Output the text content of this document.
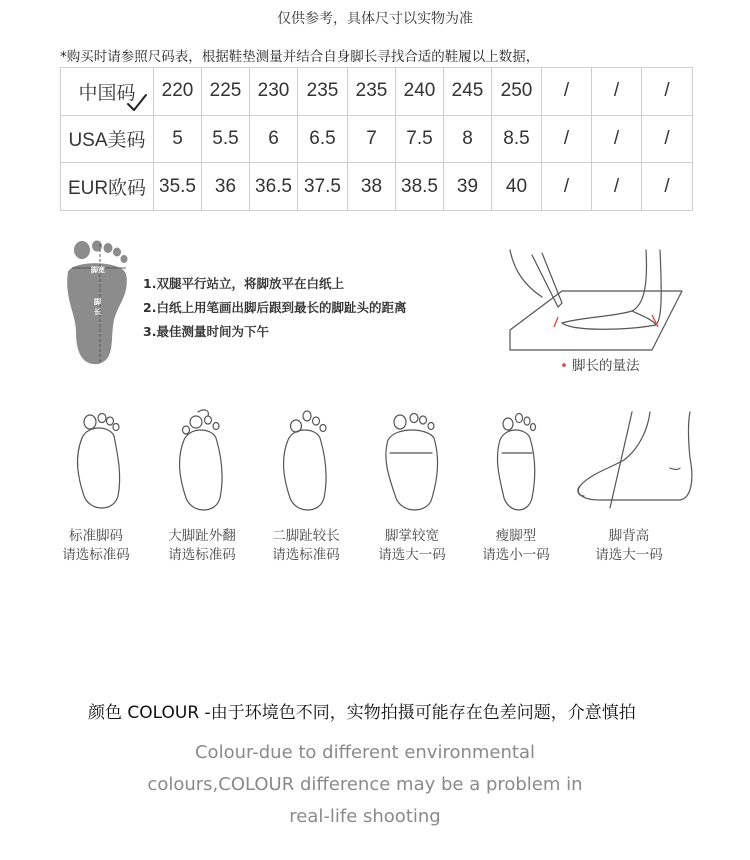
仅供参考，具体尺寸以实物为准
*购买时请参照尺码表，根据鞋垫测量并结合自身脚长寻找合适的鞋履以上数据，
中国码	220	225	230	235	235	240	245	250	/	/	/
USA美码	5	5.5	6	6.5	7	7.5	8	8.5	/	/	/
EUR欧码	35.5	36	36.5	37.5	38	38.5	39	40	/	/	/
脚宽
脚
长
1.双腿平行站立，将脚放平在白纸上
2.白纸上用笔画出脚后跟到最长的脚趾头的距离
3.最佳测量时间为下午
• 脚长的量法
标准脚码
请选标准码
大脚趾外翻
请选标准码
二脚趾较长
请选标准码
脚掌较宽
请选大一码
瘦脚型
请选小一码
脚背高
请选大一码
颜色 COLOUR -由于环境色不同，实物拍摄可能存在色差问题，介意慎拍
Colour-due to different environmental
colours,COLOUR difference may be a problem in
real-life shooting
